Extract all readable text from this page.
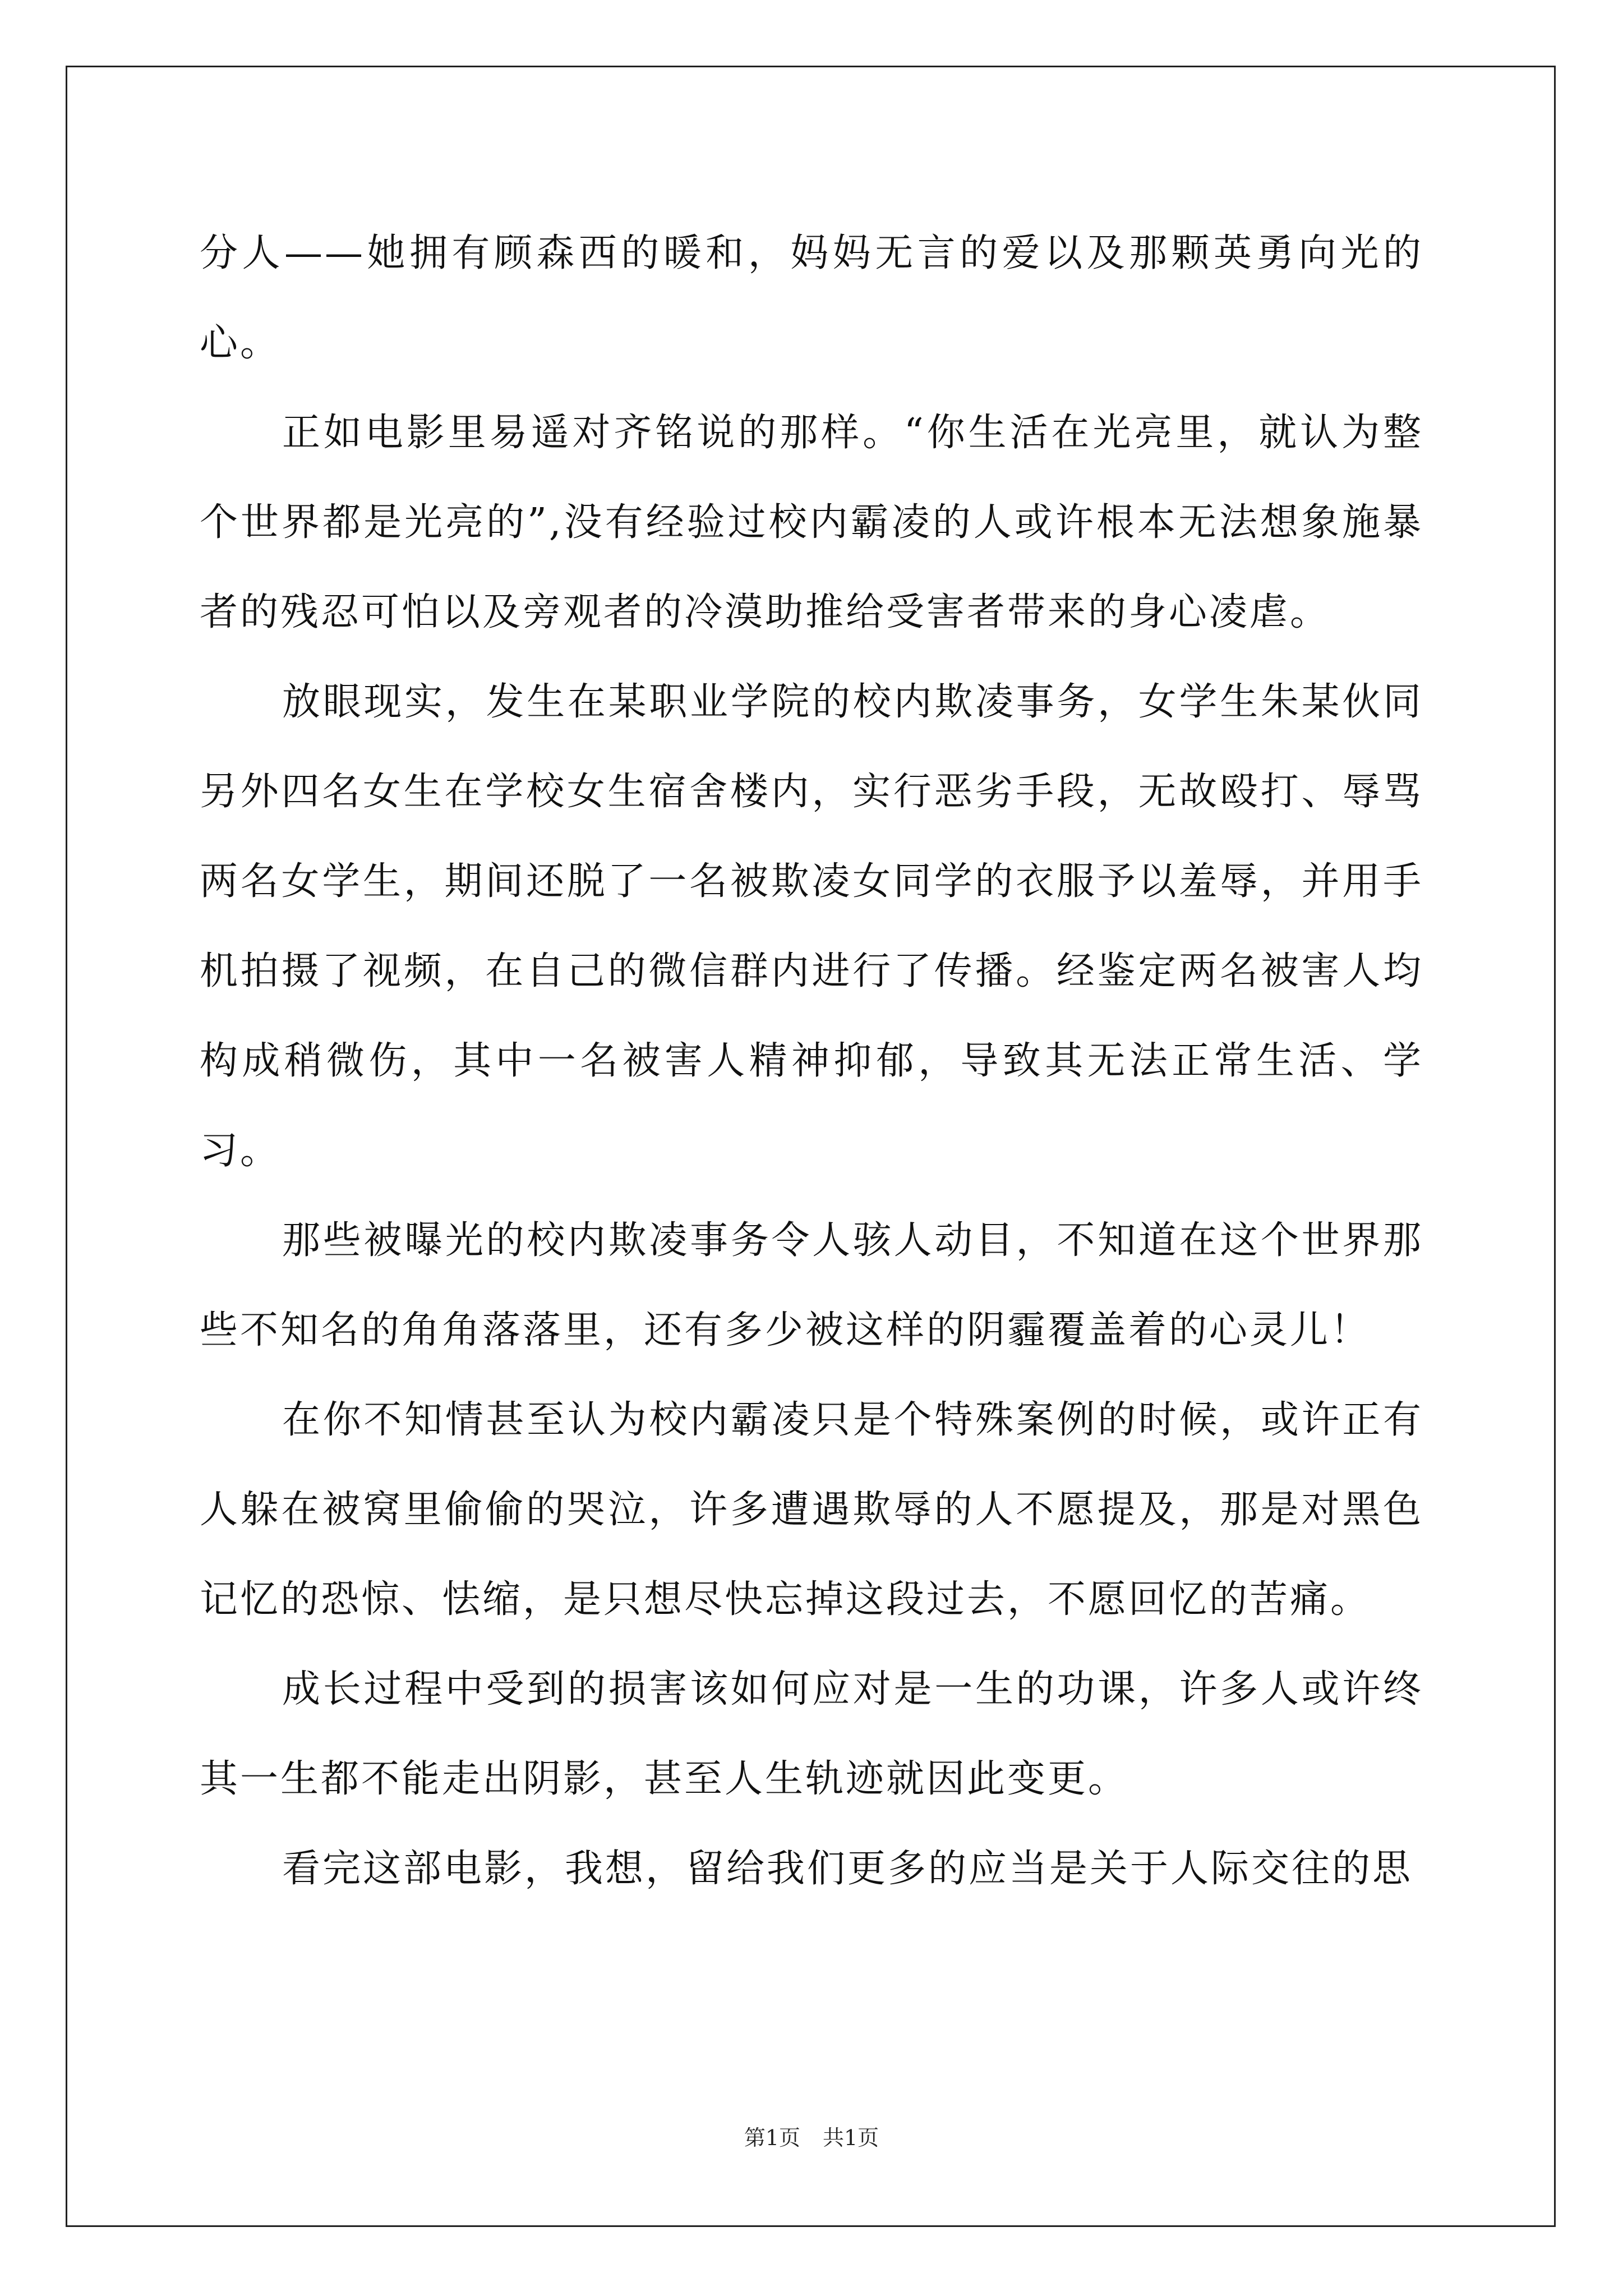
分人——她拥有顾森西的暖和，妈妈无言的爱以及那颗英勇向光的心。

正如电影里易遥对齐铭说的那样。“你生活在光亮里，就认为整个世界都是光亮的”,没有经验过校内霸凌的人或许根本无法想象施暴者的残忍可怕以及旁观者的冷漠助推给受害者带来的身心凌虐。

放眼现实，发生在某职业学院的校内欺凌事务，女学生朱某伙同另外四名女生在学校女生宿舍楼内，实行恶劣手段，无故殴打、辱骂两名女学生，期间还脱了一名被欺凌女同学的衣服予以羞辱，并用手机拍摄了视频，在自己的微信群内进行了传播。经鉴定两名被害人均构成稍微伤，其中一名被害人精神抑郁，导致其无法正常生活、学习。

那些被曝光的校内欺凌事务令人骇人动目，不知道在这个世界那些不知名的角角落落里，还有多少被这样的阴霾覆盖着的心灵儿！

在你不知情甚至认为校内霸凌只是个特殊案例的时候，或许正有人躲在被窝里偷偷的哭泣，许多遭遇欺辱的人不愿提及，那是对黑色记忆的恐惊、怯缩，是只想尽快忘掉这段过去，不愿回忆的苦痛。

成长过程中受到的损害该如何应对是一生的功课，许多人或许终其一生都不能走出阴影，甚至人生轨迹就因此变更。

看完这部电影，我想，留给我们更多的应当是关于人际交往的思

第1页 共1页
